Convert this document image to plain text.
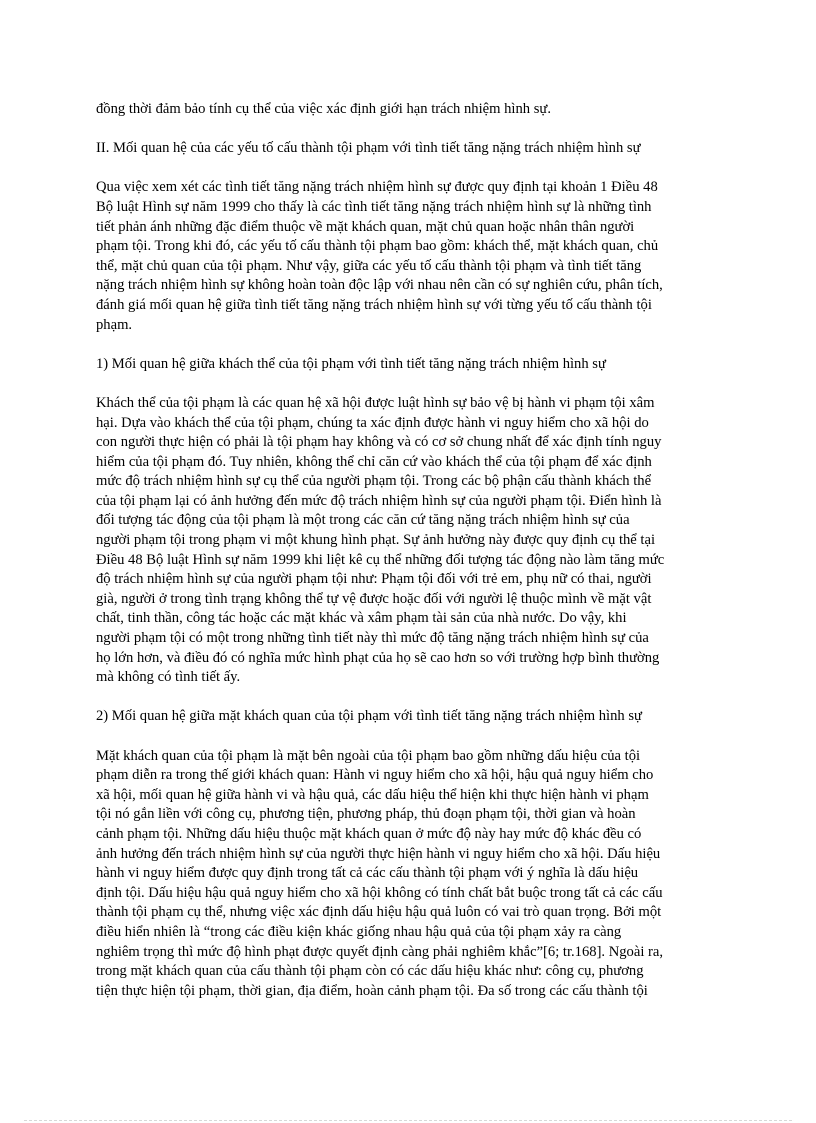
đồng thời đảm bảo tính cụ thể của việc xác định giới hạn trách nhiệm hình sự.
II. Mối quan hệ của các yếu tố cấu thành tội phạm với tình tiết tăng nặng trách nhiệm hình sự
Qua việc xem xét các tình tiết tăng nặng trách nhiệm hình sự được quy định tại khoản 1 Điều 48
Bộ luật Hình sự năm 1999 cho thấy là các tình tiết tăng nặng trách nhiệm hình sự là những tình
tiết phản ánh những đặc điểm thuộc về mặt khách quan, mặt chủ quan hoặc nhân thân người
phạm tội. Trong khi đó, các yếu tố cấu thành tội phạm bao gồm: khách thể, mặt khách quan, chủ
thể, mặt chủ quan của tội phạm. Như vậy, giữa các yếu tố cấu thành tội phạm và tình tiết tăng
nặng trách nhiệm hình sự không hoàn toàn độc lập với nhau nên cần có sự nghiên cứu, phân tích,
đánh giá mối quan hệ giữa tình tiết tăng nặng trách nhiệm hình sự với từng yếu tố cấu thành tội
phạm.
1) Mối quan hệ giữa khách thể của tội phạm với tình tiết tăng nặng trách nhiệm hình sự
Khách thể của tội phạm là các quan hệ xã hội được luật hình sự bảo vệ bị hành vi phạm tội xâm
hại. Dựa vào khách thể của tội phạm, chúng ta xác định được hành vi nguy hiểm cho xã hội do
con người thực hiện có phải là tội phạm hay không và có cơ sở chung nhất để xác định tính nguy
hiểm của tội phạm đó. Tuy nhiên, không thể chỉ căn cứ vào khách thể của tội phạm để xác định
mức độ trách nhiệm hình sự cụ thể của người phạm tội. Trong các bộ phận cấu thành khách thể
của tội phạm lại có ảnh hưởng đến mức độ trách nhiệm hình sự của người phạm tội. Điển hình là
đối tượng tác động của tội phạm là một trong các căn cứ tăng nặng trách nhiệm hình sự của
người phạm tội trong phạm vi một khung hình phạt. Sự ảnh hưởng này được quy định cụ thể tại
Điều 48 Bộ luật Hình sự năm 1999 khi liệt kê cụ thể những đối tượng tác động nào làm tăng mức
độ trách nhiệm hình sự của người phạm tội như: Phạm tội đối với trẻ em, phụ nữ có thai, người
già, người ở trong tình trạng không thể tự vệ được hoặc đối với người lệ thuộc mình về mặt vật
chất, tinh thần, công tác hoặc các mặt khác và xâm phạm tài sản của nhà nước. Do vậy, khi
người phạm tội có một trong những tình tiết này thì mức độ tăng nặng trách nhiệm hình sự của
họ lớn hơn, và điều đó có nghĩa mức hình phạt của họ sẽ cao hơn so với trường hợp bình thường
mà không có tình tiết ấy.
2) Mối quan hệ giữa mặt khách quan của tội phạm với tình tiết tăng nặng trách nhiệm hình sự
Mặt khách quan của tội phạm là mặt bên ngoài của tội phạm bao gồm những dấu hiệu của tội
phạm diễn ra trong thế giới khách quan: Hành vi nguy hiểm cho xã hội, hậu quả nguy hiểm cho
xã hội, mối quan hệ giữa hành vi và hậu quả, các dấu hiệu thể hiện khi thực hiện hành vi phạm
tội nó gắn liền với công cụ, phương tiện, phương pháp, thủ đoạn phạm tội, thời gian và hoàn
cảnh phạm tội. Những dấu hiệu thuộc mặt khách quan ở mức độ này hay mức độ khác đều có
ảnh hưởng đến trách nhiệm hình sự của người thực hiện hành vi nguy hiểm cho xã hội. Dấu hiệu
hành vi nguy hiểm được quy định trong tất cả các cấu thành tội phạm với ý nghĩa là dấu hiệu
định tội. Dấu hiệu hậu quả nguy hiểm cho xã hội không có tính chất bắt buộc trong tất cả các cấu
thành tội phạm cụ thể, nhưng việc xác định dấu hiệu hậu quả luôn có vai trò quan trọng. Bởi một
điều hiển nhiên là “trong các điều kiện khác giống nhau hậu quả của tội phạm xảy ra càng
nghiêm trọng thì mức độ hình phạt được quyết định càng phải nghiêm khắc”[6; tr.168]. Ngoài ra,
trong mặt khách quan của cấu thành tội phạm còn có các dấu hiệu khác như: công cụ, phương
tiện thực hiện tội phạm, thời gian, địa điểm, hoàn cảnh phạm tội. Đa số trong các cấu thành tội
